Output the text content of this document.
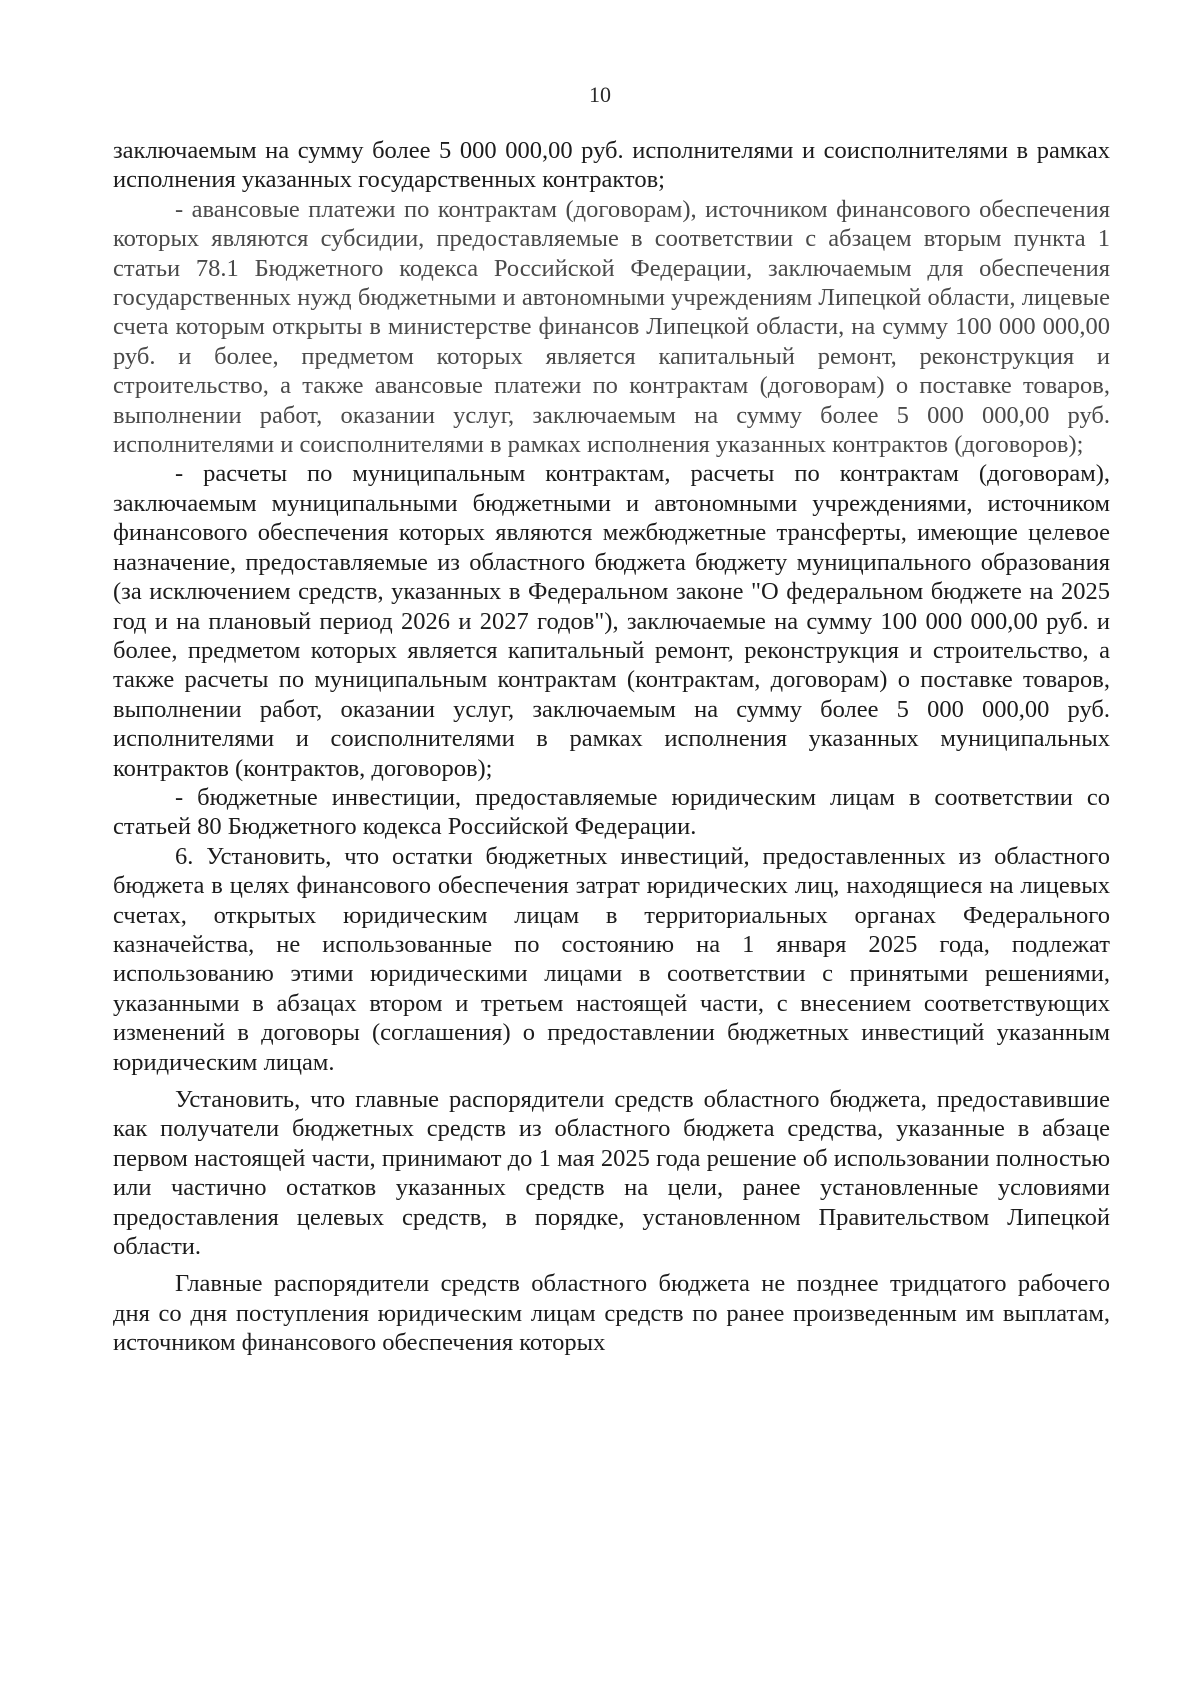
10

заключаемым на сумму более 5 000 000,00 руб. исполнителями и соисполнителями в рамках исполнения указанных государственных контрактов;

- авансовые платежи по контрактам (договорам), источником финансового обеспечения которых являются субсидии, предоставляемые в соответствии с абзацем вторым пункта 1 статьи 78.1 Бюджетного кодекса Российской Федерации, заключаемым для обеспечения государственных нужд бюджетными и автономными учреждениям Липецкой области, лицевые счета которым открыты в министерстве финансов Липецкой области, на сумму 100 000 000,00 руб. и более, предметом которых является капитальный ремонт, реконструкция и строительство, а также авансовые платежи по контрактам (договорам) о поставке товаров, выполнении работ, оказании услуг, заключаемым на сумму более 5 000 000,00 руб. исполнителями и соисполнителями в рамках исполнения указанных контрактов (договоров);

- расчеты по муниципальным контрактам, расчеты по контрактам (договорам), заключаемым муниципальными бюджетными и автономными учреждениями, источником финансового обеспечения которых являются межбюджетные трансферты, имеющие целевое назначение, предоставляемые из областного бюджета бюджету муниципального образования (за исключением средств, указанных в Федеральном законе "О федеральном бюджете на 2025 год и на плановый период 2026 и 2027 годов"), заключаемые на сумму 100 000 000,00 руб. и более, предметом которых является капитальный ремонт, реконструкция и строительство, а также расчеты по муниципальным контрактам (контрактам, договорам) о поставке товаров, выполнении работ, оказании услуг, заключаемым на сумму более 5 000 000,00 руб. исполнителями и соисполнителями в рамках исполнения указанных муниципальных контрактов (контрактов, договоров);

- бюджетные инвестиции, предоставляемые юридическим лицам в соответствии со статьей 80 Бюджетного кодекса Российской Федерации.

6. Установить, что остатки бюджетных инвестиций, предоставленных из областного бюджета в целях финансового обеспечения затрат юридических лиц, находящиеся на лицевых счетах, открытых юридическим лицам в территориальных органах Федерального казначейства, не использованные по состоянию на 1 января 2025 года, подлежат использованию этими юридическими лицами в соответствии с принятыми решениями, указанными в абзацах втором и третьем настоящей части, с внесением соответствующих изменений в договоры (соглашения) о предоставлении бюджетных инвестиций указанным юридическим лицам.

Установить, что главные распорядители средств областного бюджета, предоставившие как получатели бюджетных средств из областного бюджета средства, указанные в абзаце первом настоящей части, принимают до 1 мая 2025 года решение об использовании полностью или частично остатков указанных средств на цели, ранее установленные условиями предоставления целевых средств, в порядке, установленном Правительством Липецкой области.

Главные распорядители средств областного бюджета не позднее тридцатого рабочего дня со дня поступления юридическим лицам средств по ранее произведенным им выплатам, источником финансового обеспечения которых
